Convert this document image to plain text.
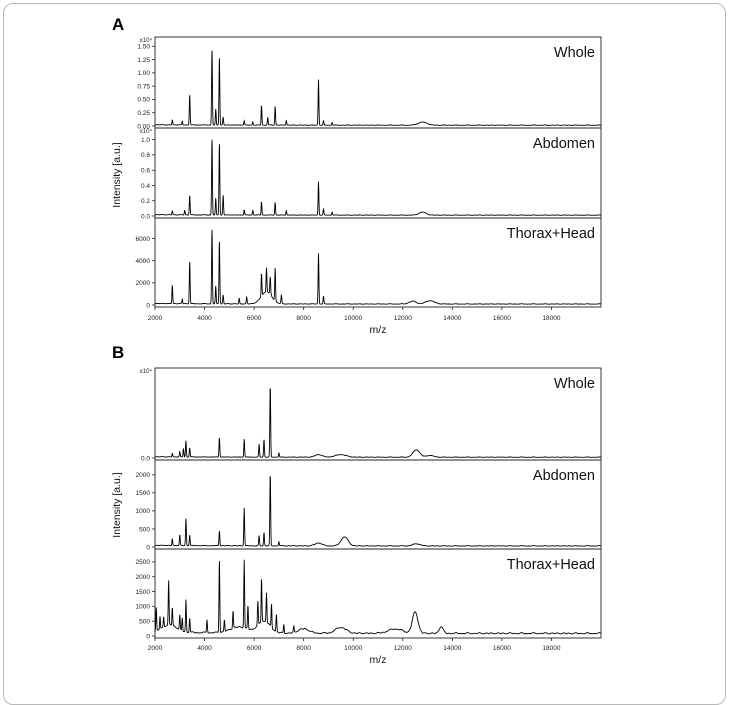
A
0.00
0.25
0.50
0.75
1.00
1.25
1.50
x10⁴
Whole
0.0
0.2
0.4
0.6
0.8
1.0
x10⁴
Abdomen
0
2000
4000
6000	Thorax+Head
2000	4000	6000	8000	10000	12000	14000	16000	18000
m/z
Intensity [a.u.]
B
0.0
x10⁴
Whole
0
500
1000
1500
2000	Abdomen
0
500
1000
1500
2000
2500	Thorax+Head
2000	4000	6000	8000	10000	12000	14000	16000	18000
m/z
Intensity [a.u.]
